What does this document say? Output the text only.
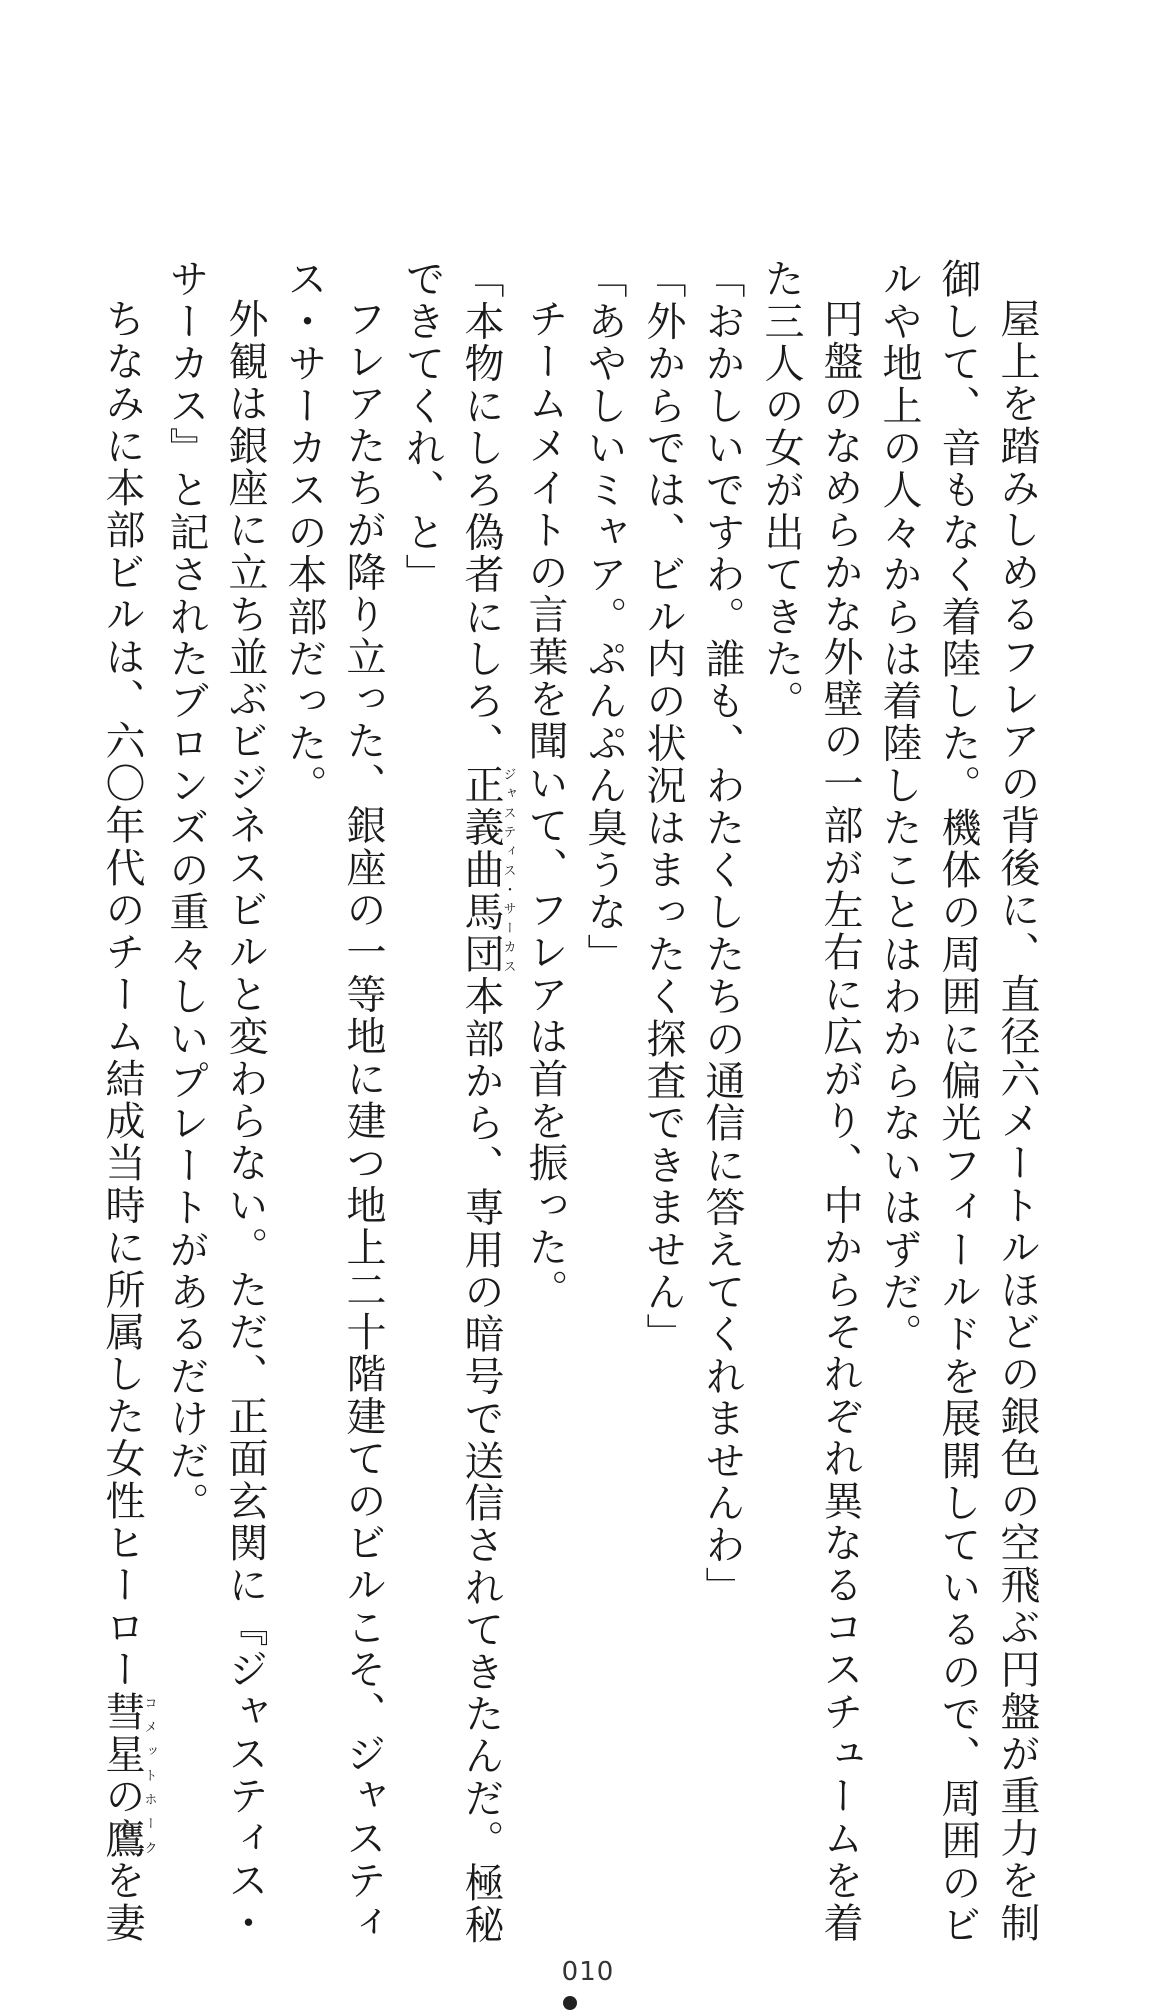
屋上を踏みしめるフレアの背後に、直径六メートルほどの銀色の空飛ぶ円盤が重力を制
御して、音もなく着陸した。機体の周囲に偏光フィールドを展開しているので、周囲のビ
ルや地上の人々からは着陸したことはわからないはずだ。
円盤のなめらかな外壁の一部が左右に広がり、中からそれぞれ異なるコスチュームを着
た三人の女が出てきた。
「おかしいですわ。誰も、わたくしたちの通信に答えてくれませんわ」
「外からでは、ビル内の状況はまったく探査できません」
「あやしいミャア。ぷんぷん臭うな」
チームメイトの言葉を聞いて、フレアは首を振った。
「本物にしろ偽者にしろ、正義曲馬団ジャスティス・サーカス本部から、専用の暗号で送信されてきたんだ。極秘
できてくれ、と」
フレアたちが降り立った、銀座の一等地に建つ地上二十階建てのビルこそ、ジャスティ
ス・サーカスの本部だった。
外観は銀座に立ち並ぶビジネスビルと変わらない。ただ、正面玄関に『ジャスティス・
サーカス』と記されたブロンズの重々しいプレートがあるだけだ。
ちなみに本部ビルは、六〇年代のチーム結成当時に所属した女性ヒーロー彗星の鷹コメットホークを妻
010
